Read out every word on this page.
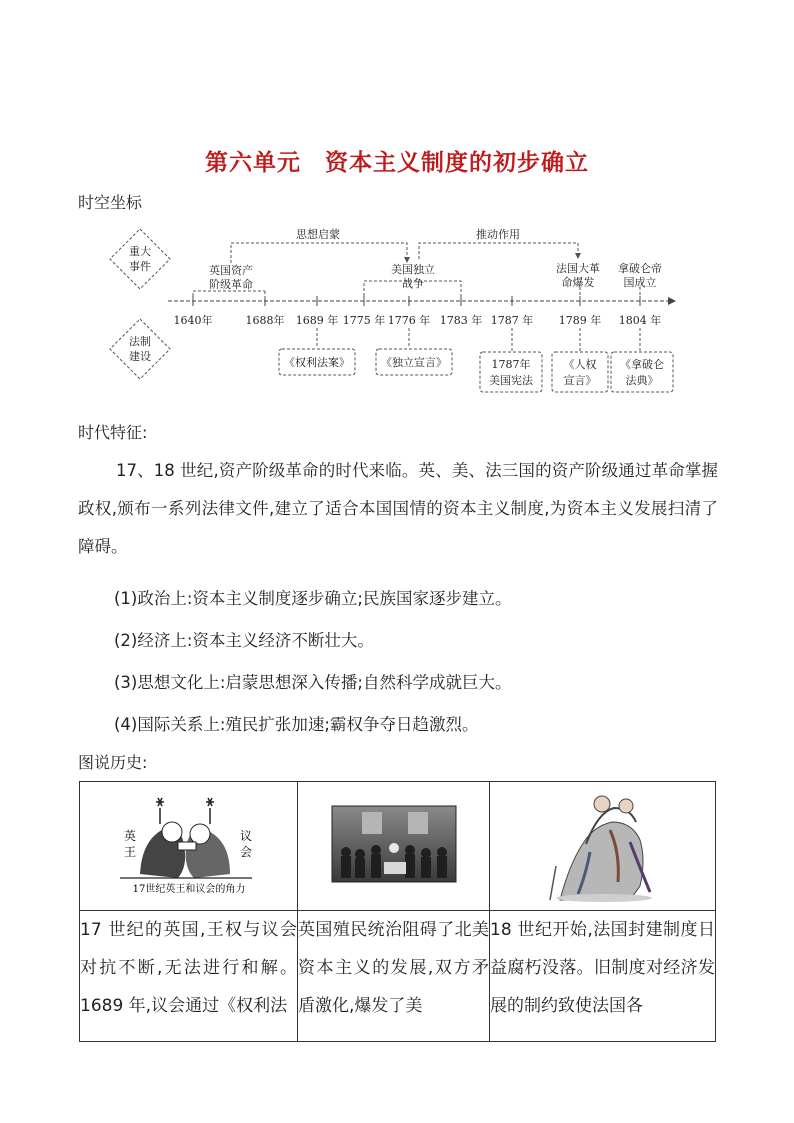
第六单元　资本主义制度的初步确立
时空坐标
重大
事件
法制
建设
1640年	1688年 1689 年 1775 年 1776 年 1783 年 1787 年 1789 年 1804 年
思想启蒙	推动作用
英国资产
阶级革命
美国独立
战争
法国大革
命爆发
拿破仑帝
国成立
《权利法案》	《独立宣言》	1787年
美国宪法
《人权
宣言》
《拿破仑
法典》
时代特征:
17、18 世纪,资产阶级革命的时代来临。英、美、法三国的资产阶级通过革命掌握政权,颁布一系列法律文件,建立了适合本国国情的资本主义制度,为资本主义发展扫清了障碍。
(1)政治上:资本主义制度逐步确立;民族国家逐步建立。
(2)经济上:资本主义经济不断壮大。
(3)思想文化上:启蒙思想深入传播;自然科学成就巨大。
(4)国际关系上:殖民扩张加速;霸权争夺日趋激烈。
图说历史:
英
王
议
会
17世纪英王和议会的角力

17 世纪的英国,王权与议会对抗不断,无法进行和解。1689 年,议会通过《权利法	英国殖民统治阻碍了北美资本主义的发展,双方矛盾激化,爆发了美	18 世纪开始,法国封建制度日益腐朽没落。旧制度对经济发展的制约致使法国各
